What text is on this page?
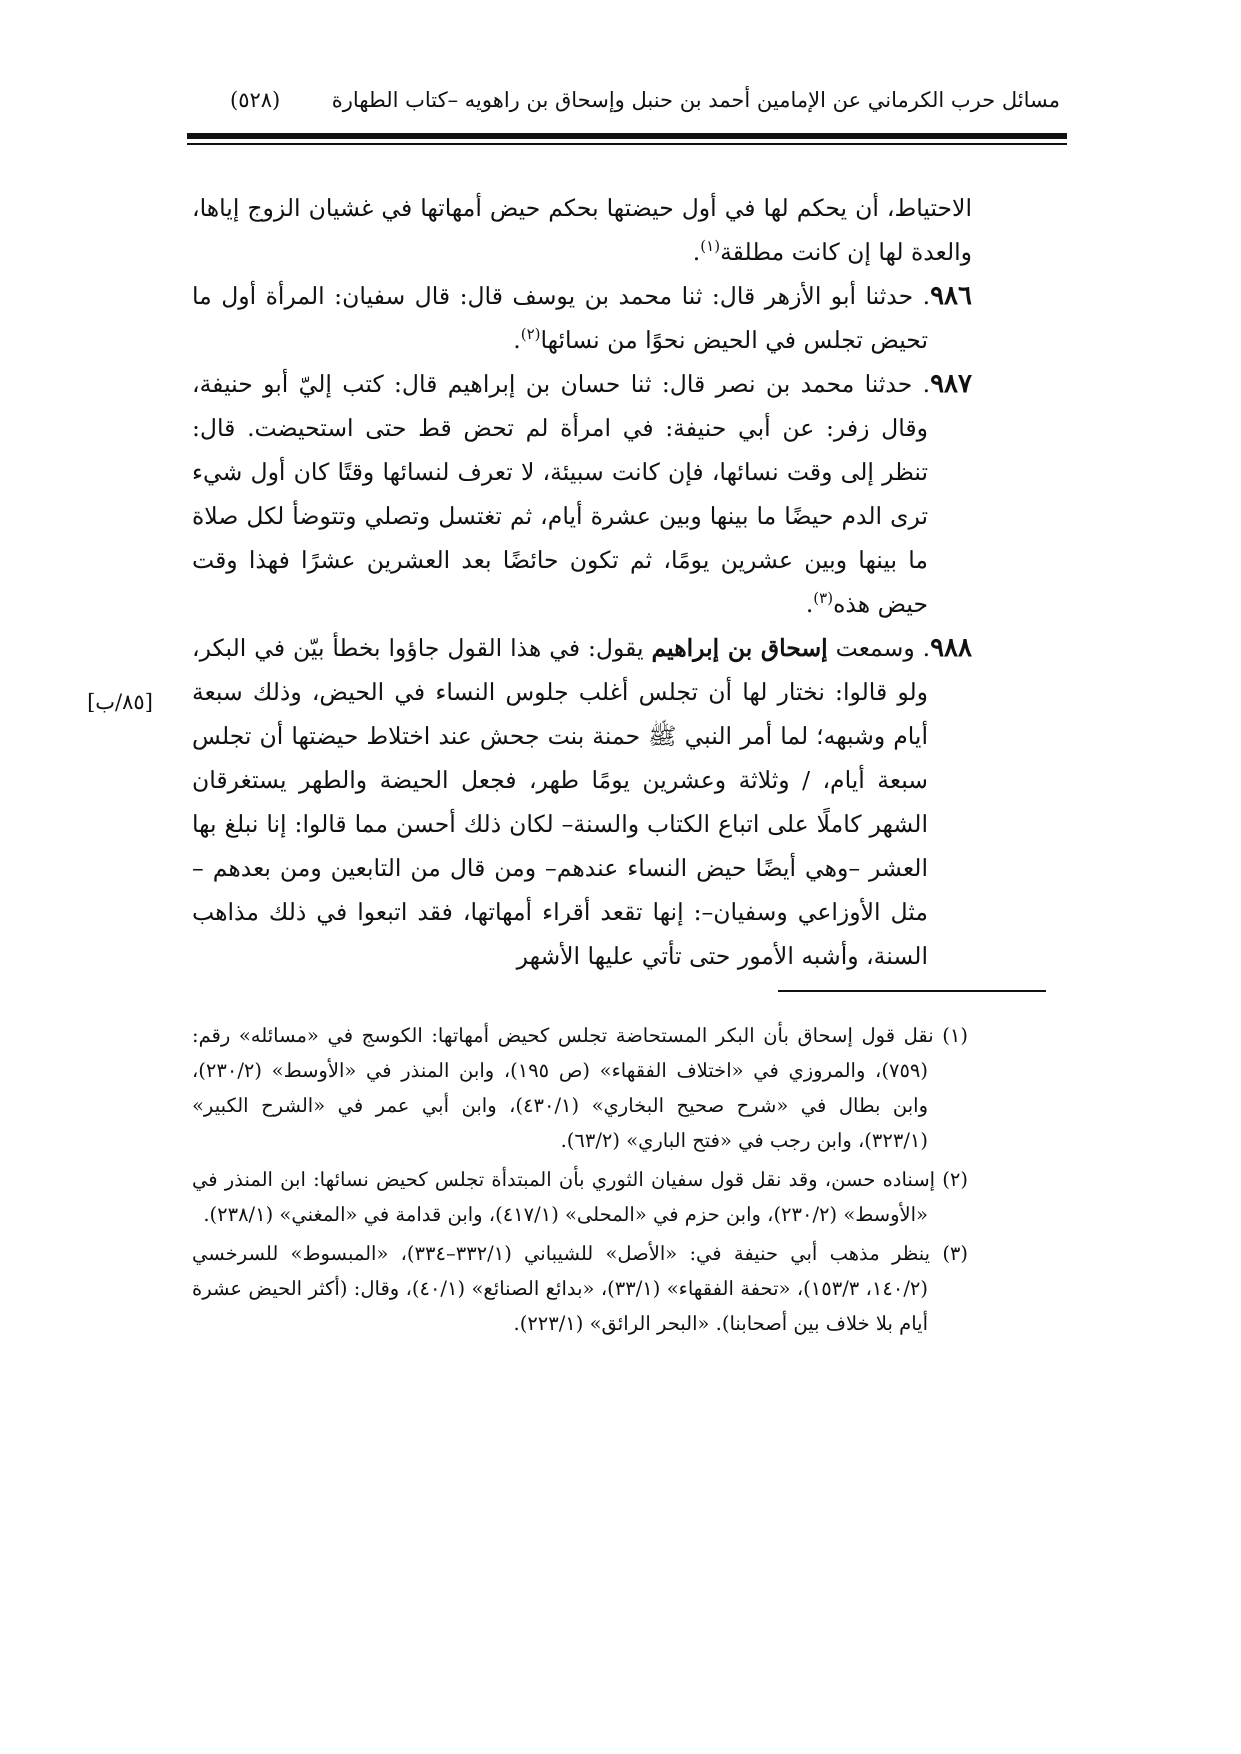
مسائل حرب الكرماني عن الإمامين أحمد بن حنبل وإسحاق بن راهويه –كتاب الطهارة
(٥٢٨)
[٨٥/ب]

الاحتياط، أن يحكم لها في أول حيضتها بحكم حيض أمهاتها في غشيان الزوج إياها، والعدة لها إن كانت مطلقة$^{(١)}$.

٩٨٦. حدثنا أبو الأزهر قال: ثنا محمد بن يوسف قال: قال سفيان: المرأة أول ما تحيض تجلس في الحيض نحوًا من نسائها$^{(٢)}$.

٩٨٧. حدثنا محمد بن نصر قال: ثنا حسان بن إبراهيم قال: كتب إليّ أبو حنيفة، وقال زفر: عن أبي حنيفة: في امرأة لم تحض قط حتى استحيضت. قال: تنظر إلى وقت نسائها، فإن كانت سبيئة، لا تعرف لنسائها وقتًا كان أول شيء ترى الدم حيضًا ما بينها وبين عشرة أيام، ثم تغتسل وتصلي وتتوضأ لكل صلاة ما بينها وبين عشرين يومًا، ثم تكون حائضًا بعد العشرين عشرًا فهذا وقت حيض هذه$^{(٣)}$.

٩٨٨. وسمعت إسحاق بن إبراهيم يقول: في هذا القول جاؤوا بخطأ بيّن في البكر، ولو قالوا: نختار لها أن تجلس أغلب جلوس النساء في الحيض، وذلك سبعة أيام وشبهه؛ لما أمر النبي ﷺ حمنة بنت جحش عند اختلاط حيضتها أن تجلس سبعة أيام، / وثلاثة وعشرين يومًا طهر، فجعل الحيضة والطهر يستغرقان الشهر كاملًا على اتباع الكتاب والسنة– لكان ذلك أحسن مما قالوا: إنا نبلغ بها العشر –وهي أيضًا حيض النساء عندهم– ومن قال من التابعين ومن بعدهم –مثل الأوزاعي وسفيان–: إنها تقعد أقراء أمهاتها، فقد اتبعوا في ذلك مذاهب السنة، وأشبه الأمور حتى تأتي عليها الأشهر

(١) نقل قول إسحاق بأن البكر المستحاضة تجلس كحيض أمهاتها: الكوسج في «مسائله» رقم: (٧٥٩)، والمروزي في «اختلاف الفقهاء» (ص ١٩٥)، وابن المنذر في «الأوسط» (٢٣٠/٢)، وابن بطال في «شرح صحيح البخاري» (٤٣٠/١)، وابن أبي عمر في «الشرح الكبير» (٣٢٣/١)، وابن رجب في «فتح الباري» (٦٣/٢).

(٢) إسناده حسن، وقد نقل قول سفيان الثوري بأن المبتدأة تجلس كحيض نسائها: ابن المنذر في «الأوسط» (٢٣٠/٢)، وابن حزم في «المحلى» (٤١٧/١)، وابن قدامة في «المغني» (٢٣٨/١).

(٣) ينظر مذهب أبي حنيفة في: «الأصل» للشيباني (٣٣٢/١–٣٣٤)، «المبسوط» للسرخسي (١٤٠/٢، ١٥٣/٣)، «تحفة الفقهاء» (٣٣/١)، «بدائع الصنائع» (٤٠/١)، وقال: (أكثر الحيض عشرة أيام بلا خلاف بين أصحابنا). «البحر الرائق» (٢٢٣/١).
